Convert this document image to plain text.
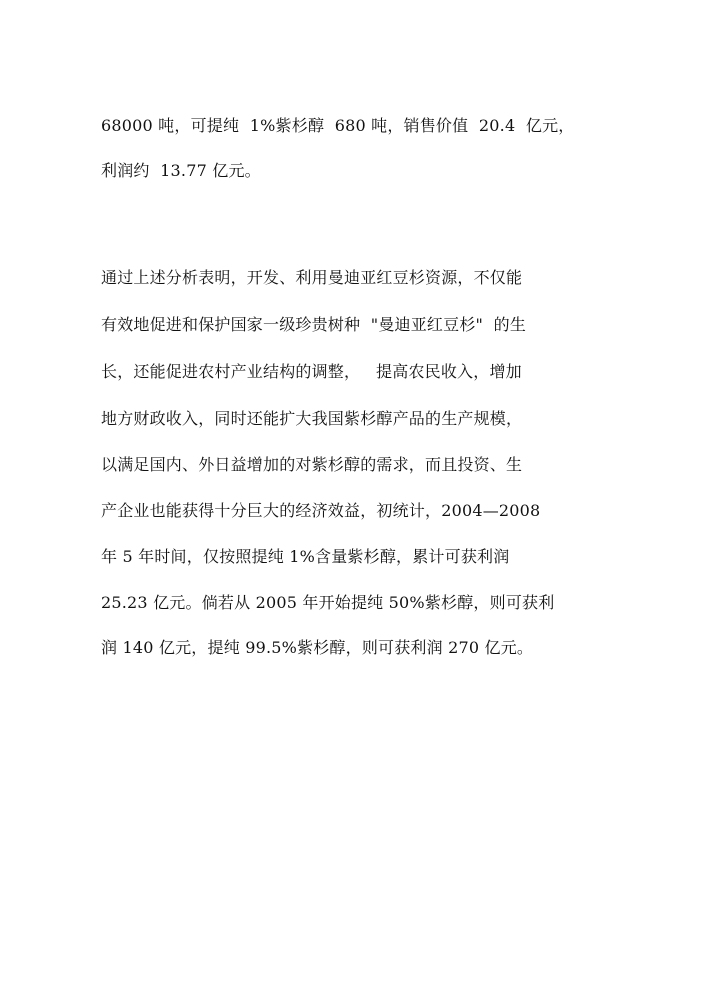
68000 吨，可提纯  1%紫杉醇  680 吨，销售价值  20.4  亿元，
利润约  13.77 亿元。
通过上述分析表明，开发、利用曼迪亚红豆杉资源，不仅能
有效地促进和保护国家一级珍贵树种  "曼迪亚红豆杉"  的生
长，还能促进农村产业结构的调整，   提高农民收入，增加
地方财政收入，同时还能扩大我国紫杉醇产品的生产规模，
以满足国内、外日益增加的对紫杉醇的需求，而且投资、生
产企业也能获得十分巨大的经济效益，初统计，2004—2008
年 5 年时间，仅按照提纯 1%含量紫杉醇，累计可获利润
25.23 亿元。倘若从 2005 年开始提纯 50%紫杉醇，则可获利
润 140 亿元，提纯 99.5%紫杉醇，则可获利润 270 亿元。
